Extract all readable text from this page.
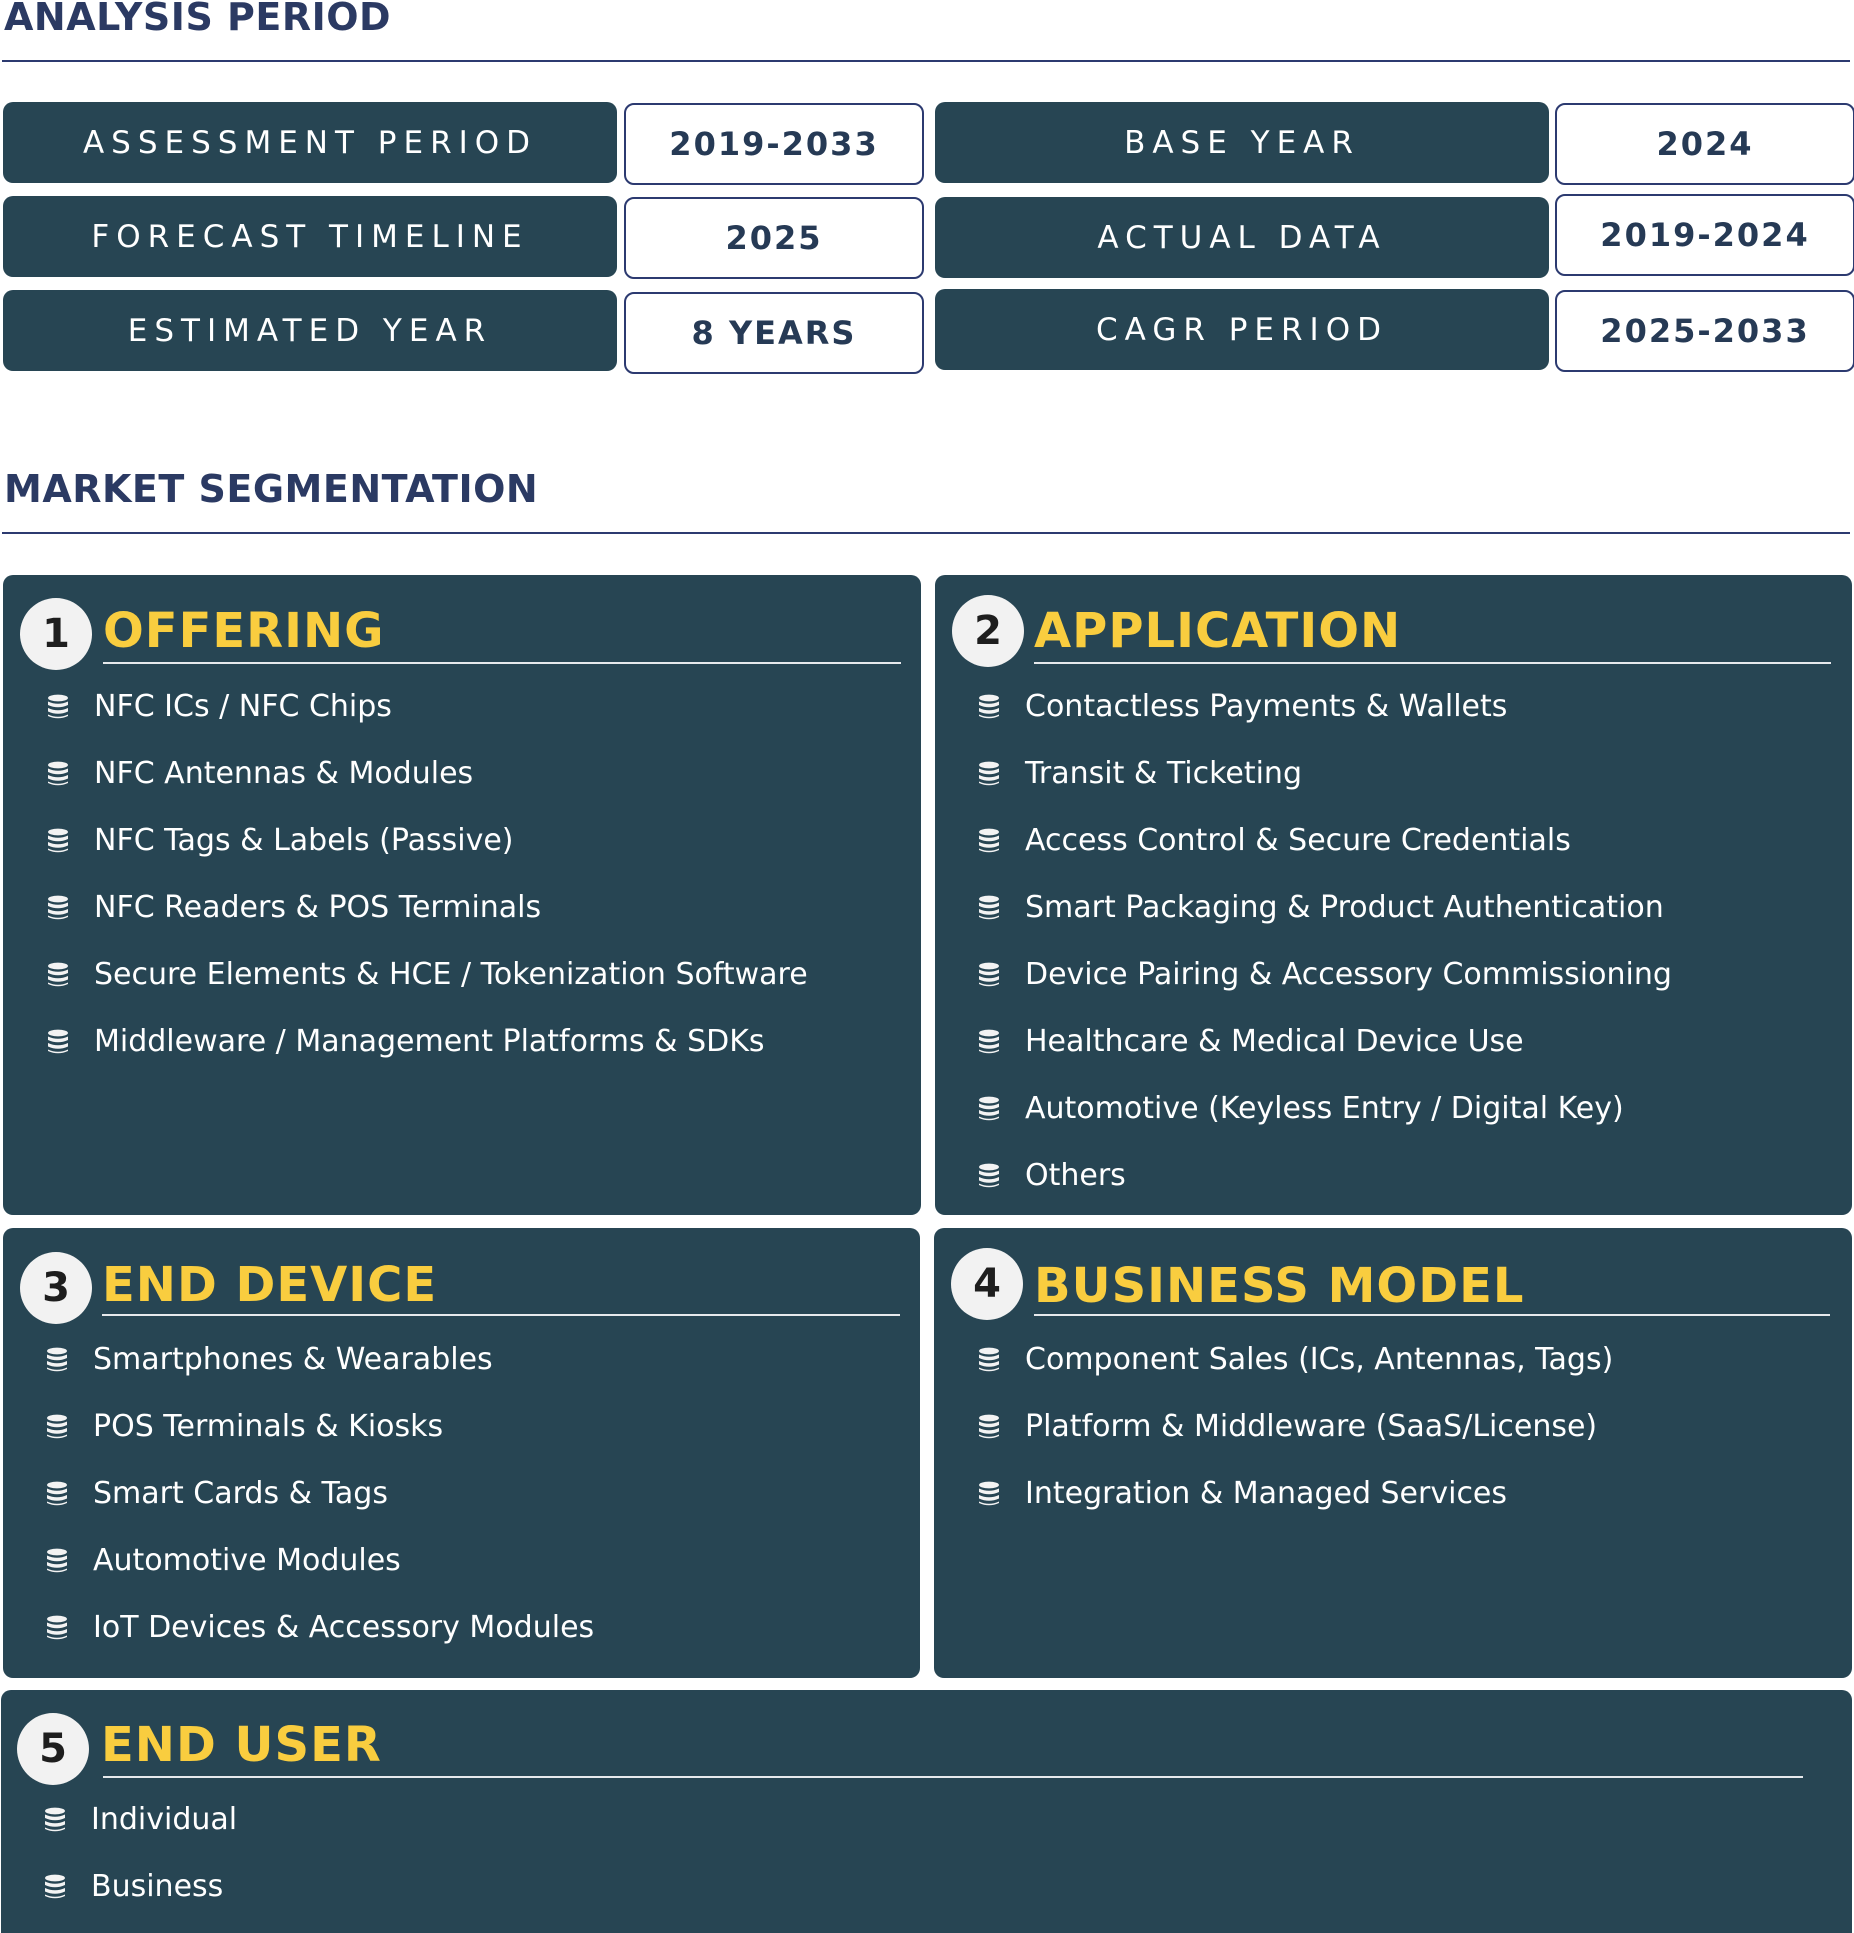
ANALYSIS PERIOD
ASSESSMENT PERIOD	2019-2033	BASE YEAR	2024
FORECAST TIMELINE	2025	ACTUAL DATA	2019-2024
ESTIMATED YEAR	8 YEARS	CAGR PERIOD	2025-2033
MARKET SEGMENTATION
1 OFFERING
NFC ICs / NFC Chips
NFC Antennas & Modules
NFC Tags & Labels (Passive)
NFC Readers & POS Terminals
Secure Elements & HCE / Tokenization Software
Middleware / Management Platforms & SDKs
2 APPLICATION
Contactless Payments & Wallets
Transit & Ticketing
Access Control & Secure Credentials
Smart Packaging & Product Authentication
Device Pairing & Accessory Commissioning
Healthcare & Medical Device Use
Automotive (Keyless Entry / Digital Key)
Others
3 END DEVICE
Smartphones & Wearables
POS Terminals & Kiosks
Smart Cards & Tags
Automotive Modules
IoT Devices & Accessory Modules
4 BUSINESS MODEL
Component Sales (ICs, Antennas, Tags)
Platform & Middleware (SaaS/License)
Integration & Managed Services
5 END USER
Individual
Business
